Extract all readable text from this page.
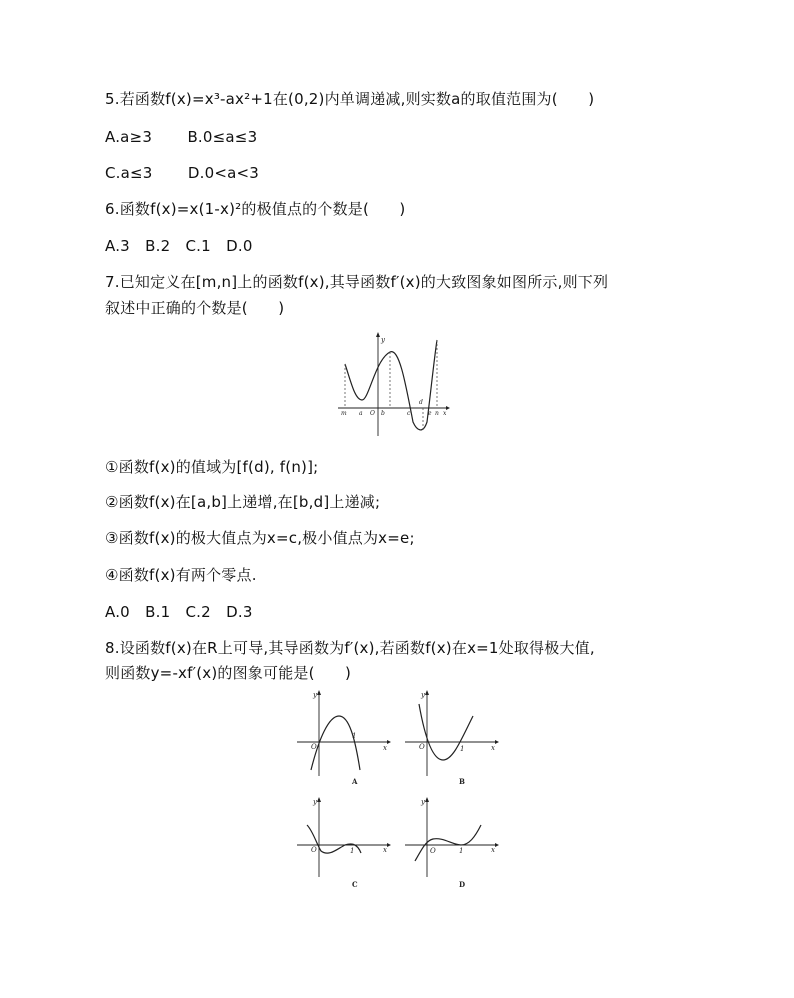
5.若函数f(x)=x³-ax²+1在(0,2)内单调递减,则实数a的取值范围为(　　)
A.a≥3　　 B.0≤a≤3
C.a≤3　　 D.0<a<3
6.函数f(x)=x(1-x)²的极值点的个数是(　　)
A.3　B.2　C.1　D.0
7.已知定义在[m,n]上的函数f(x),其导函数f′(x)的大致图象如图所示,则下列
叙述中正确的个数是(　　)
y
m a O b	c
d
e n x
①函数f(x)的值域为[f(d), f(n)];
②函数f(x)在[a,b]上递增,在[b,d]上递减;
③函数f(x)的极大值点为x=c,极小值点为x=e;
④函数f(x)有两个零点.
A.0　B.1　C.2　D.3
8.设函数f(x)在R上可导,其导函数为f′(x),若函数f(x)在x=1处取得极大值,
则函数y=-xf′(x)的图象可能是(　　)
y
x
O
1
A
y
x
O	1
B
y
x
O	1
C
y
x
O	1
D
